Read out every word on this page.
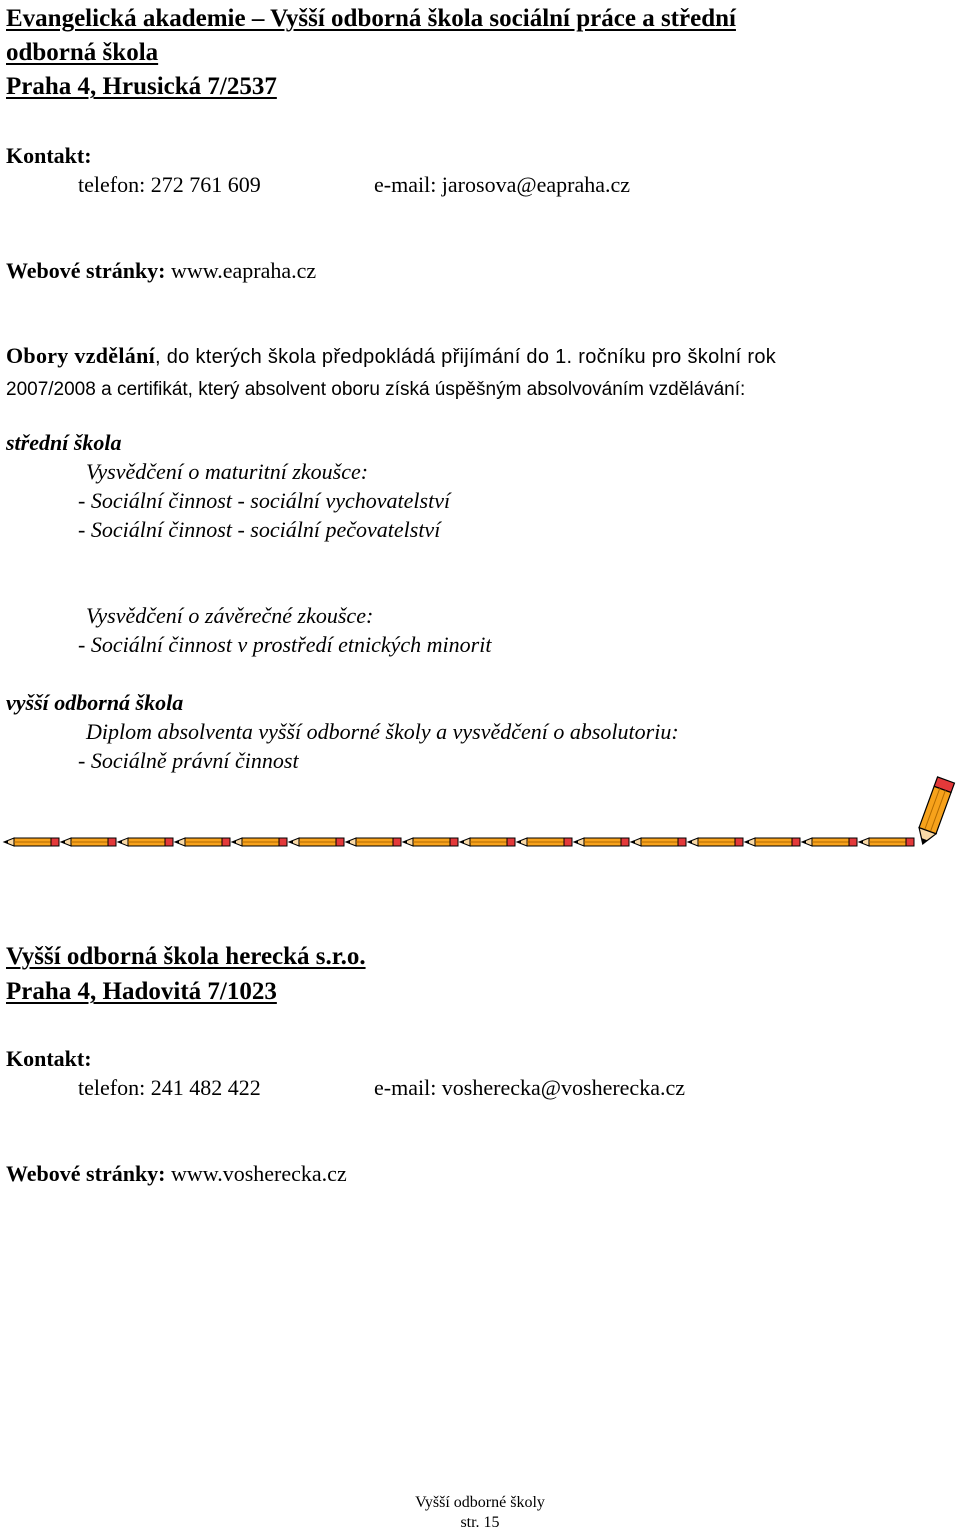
Evangelická akademie – Vyšší odborná škola sociální práce a střední
odborná škola
Praha 4, Hrusická 7/2537
Kontakt:
telefon: 272 761 609	e-mail: jarosova@eapraha.cz
Webové stránky: www.eapraha.cz
Obory vzdělání, do kterých škola předpokládá přijímání do 1. ročníku pro školní rok
2007/2008 a certifikát, který absolvent oboru získá úspěšným absolvováním vzdělávání:
střední škola
Vysvědčení o maturitní zkoušce:
- Sociální činnost - sociální vychovatelství
- Sociální činnost - sociální pečovatelství
Vysvědčení o závěrečné zkoušce:
- Sociální činnost v prostředí etnických minorit
vyšší odborná škola
Diplom absolventa vyšší odborné školy a vysvědčení o absolutoriu:
- Sociálně právní činnost
Vyšší odborná škola herecká s.r.o.
Praha 4, Hadovitá 7/1023
Kontakt:
telefon: 241 482 422	e-mail: vosherecka@vosherecka.cz
Webové stránky: www.vosherecka.cz
Vyšší odborné školy
str. 15
